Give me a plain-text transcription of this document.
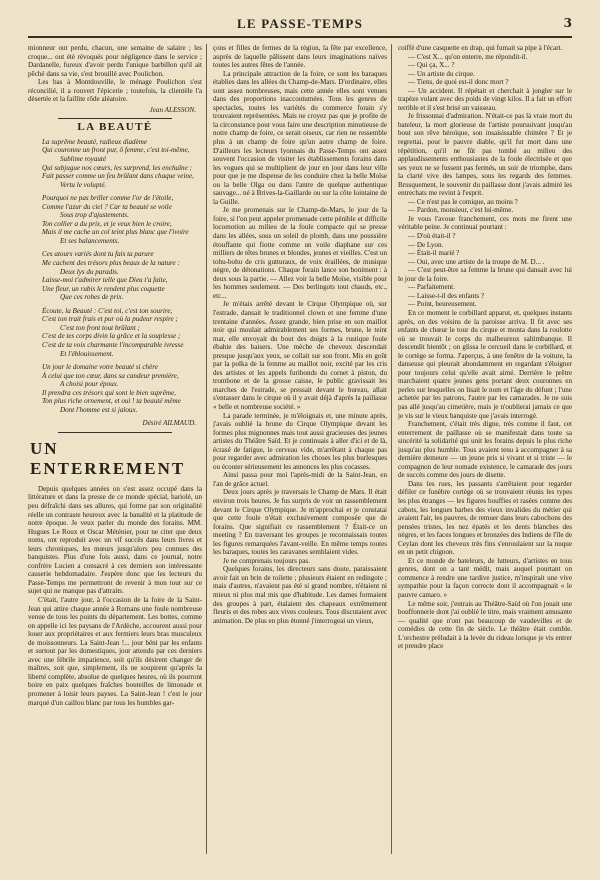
LE PASSE-TEMPS	3

mionneur out perdu, chacun, une semaine de salaire ; les croque... out été révoqués pour négligence dans le service ; Dardanelle, fureux d'avoir perdu l'unique barbillon qu'il ait pêché dans sa vie, s'est brouillé avec Poulichon.

Les bas à Montdouville, le ménage Poulichon s'est réconcilié, il a rouvert l'épicerie ; toutefois, la clientèle l'a désertée et la faillite rôde aléatoire.

Jean ALESSON.
LA BEAUTÉ
La suprême beauté, radieux diadème
Qui couronne un front pur, ô femme, c'est toi-même,
Sublime royauté
Qui subjugue nos cœurs, les surprend, les enchaîne ;
Fait passer comme un feu brûlant dans chaque veine,
Vertu le volupté.
Pourquoi ne pas briller comme l'or de l'étoile,
Comme l'azur du ciel ? Car ta beauté se voile
Sous trop d'ajustements.
Ton collier a du prix, et je veux bien le croire,
Mais il me cache un col teint plus blanc que l'ivoire
Et ses balancements.
Ces atours variés dont tu fais ta parure
Me cachent des trésors plus beaux de la nature :
Deux lys du paradis.
Laisse-moi t'admirer telle que Dieu t'a faite,
Une fleur, un rubis le rendent plus coquette
Que ces robes de prix.
Écoute, la Beauté : C'est toi, c'est ton sourire,
C'est ton trait frais et pur où la pudeur respire ;
C'est ton front tout brûlant ;
C'est de tes corps divin la grâce et la souplesse ;
C'est de ta voix charmante l'incomparable ivresse
Et l'éblouissement.
Un jour le domaine votre beauté si chère
À celui que ton cœur, dans sa candeur première,
A choisi pour époux.
Il prendra ces trésors qui sont le bien suprême,
Ton plus riche ornement, et oui ! ta beauté même
Dont l'homme est si jaloux.
Désiré AILMAUD.
UN ENTERREMENT

Depuis quelques années on s'est assez occupé dans la littérature et dans la presse de ce monde spécial, bariolé, un peu défraîchi dans ses allures, qui forme par son originalité réelle un contraste heureux avec la banalité et la platitude de notre époque. Je veux parler du monde des forains. MM. Hugues Le Roux et Oscar Méténier, pour ne citer que deux noms, ont reproduit avec un vif succès dans leurs livres et leurs chroniques, les mœurs jusqu'alors peu connues des banquistes. Plus d'une fois aussi, dans ce journal, notre confrère Lucien a consacré à ces derniers son intéressante causerie hebdomadaire. J'espère donc que les lecteurs du Passe-Temps me permettront de revenir à mon tour sur ce sujet qui ne manque pas d'attraits.

C'était, l'autre jour, à l'occasion de la foire de la Saint-Jean qui attire chaque année à Romans une foule nombreuse venue de tous les points du département. Les bottes, comme on appelle ici les paysans de l'Ardèche, accourent aussi pour louer aux propriétaires et aux fermiers leurs bras musculeux de moissonneurs. La Saint-Jean !... jour béni par les enfants et surtout par les domestiques, jour attendu par ces derniers avec une fébrile impatience, soit qu'ils désirent changer de maîtres, soit que, simplement, ils ne soupirent qu'après la liberté complète, absolue de quelques heures, où ils pourront boire en paix quelques fraîches bouteilles de limonade et promener à loisir leurs payses. La Saint-Jean ! c'est le jour marqué d'un caillou blanc par tous les humbles gar-

çons et filles de fermes de la région, la fête par excellence, auprès de laquelle pâlissent dans leurs imaginations naïves toutes les autres fêtes de l'année.

La principale attraction de la foire, ce sont les baraques établies dans les allées du Champ-de-Mars. D'ordinaire, elles sont assez nombreuses, mais cette année elles sont venues dans des proportions inaccoutumées. Tous les genres de spectacles, toutes les variétés du commerce forain s'y trouvaient représentées. Mais ne croyez pas que je profite de la circonstance pour vous faire une description minutieuse de notre champ de foire, ce serait oiseux, car rien ne ressemble plus à un champ de foire qu'un autre champ de foire. D'ailleurs les lecteurs lyonnais du Passe-Temps ont assez souvent l'occasion de visiter les établissements forains dans les vogues qui se multiplient de jour en jour dans leur ville pour que je me dispense de les conduire chez la belle Moïse ou la belle Olga ou dans l'antre de quelque authentique sauvage... né à Brives-la-Gaillarde ou sur la côte lointaine de la Guille.

Je me promenais sur le Champ-de-Mars, le jour de la foire, si l'on peut appeler promenade cette pénible et difficile locomotion au milieu de la foule compacte qui se presse dans les allées, sous un soleil de plomb, dans une poussière étouffante qui fiotte comme un voile diaphane sur ces milliers de têtes brunes et blondes, jeunes et vieilles. C'est un tohu-bohu de cris gutturaux, de voix éraillées, de musique nègre, de détonations. Chaque forain lance son boniment : à deux sous la partie. — Allez voir la belle Moïse, visible pour les hommes seulement. — Des berlingots tout chauds, etc., etc...

Je m'étais arrêté devant le Cirque Olympique où, sur l'estrade, dansait le traditionnel clown et une femme d'une trentaine d'années. Assez grande, bien prise en son maillot noir qui moulait admirablement ses formes, brune, le teint mat, elle envoyait du bout des doigts à la rustique foule ébahie des baisers. Une mèche de cheveux descendait presque jusqu'aux yeux, se collait sur son front. Mis en goût par la polka de la femme au maillot noir, excité par les cris des artistes et les appels furibonds du cornet à piston, du trombone et de la grosse caisse, le public gravissait les marches de l'estrade, se pressait devant le bureau, allait s'entasser dans le cirque où il y avait déjà d'après la paillasse « belle et nombreuse société. »

La parade terminée, je m'éloignais et, une minute après, j'avais oublié la brune du Cirque Olympique devant les formes plus mignonnes mais tout aussi gracieuses des jeunes artistes du Théâtre Saïd. Et je continuais à aller d'ici et de là, écrasé de fatigue, le cerveau vide, m'arrêtant à chaque pas pour regarder avec admiration les choses les plus burlesques ou écouter sérieusement les annonces les plus cocasses.

Ainsi passa pour moi l'après-midi de la Saint-Jean, en l'an de grâce actuel.

Deux jours après je traversais le Champ de Mars. Il était environ trois heures. Je fus surpris de voir un rassemblement devant le Cirque Olympique. Je m'approchai et je constatai que cette foule n'était exclusivement composée que de forains. Que signifiait ce rassemblement ? Était-ce un meeting ? En traversant les groupes je reconnaissais toutes les figures remarquées l'avant-veille. En même temps toutes les baraques, toutes les caravanes semblaient vides.

Je ne comprenais toujours pas.

Quelques forains, les directeurs sans doute, paraissaient avoir fait un brin de toilette ; plusieurs étaient en redingote ; mais d'autres, n'avaient pas été si grand nombre, n'étaient ni mieux ni plus mal mis que d'habitude. Les dames formaient des groupes à part, étalaient des chapeaux extrêmement fleuris et des robes aux vives couleurs. Tous discutaient avec animation. De plus en plus étonné j'interrogeai un vieux,

coiffé d'une casquette en drap, qui fumait sa pipe à l'écart.

— C'est X... qu'on enterre, me répondit-il.

— Qui ça, X... ?

— Un artiste du cirque.

— Tiens, de quoi est-il donc mort ?

— Un accident. Il répétait et cherchait à jongler sur le trapèze volant avec des poids de vingt kilos. Il a fait un effort terrible et il s'est brisé un vaisseau.

Je frissonnai d'admiration. N'était-ce pas là vraie mort du bateleur, la mort glorieuse de l'artiste poursuivant jusqu'au bout son rêve héroïque, son insaisissable chimère ? Et je regrettai, pour le pauvre diable, qu'il fut mort dans une répétition, qu'il ne fût pas tombé au milieu des applaudissements enthousiastes de la foule électrisée et que ses yeux ne se fussent pas fermés, un soir de triomphe, dans la clarté vive des lampes, sous les regards des femmes. Brusquement, le souvenir du paillasse dont j'avais admiré les entrechats me revint à l'esprit.

— Ce n'est pas le comique, au moins ?

— Pardon, monsieur, c'est lui-même.

Je vous l'avoue franchement, ces mots me firent une véritable peine. Je continuai pourtant :

— D'où était-il ?

— De Lyon.

— Était-il marié ?

— Oui, avec une artiste de la troupe de M. D... .

— C'est peut-être sa femme la brune qui dansait avec lui le jour de la foire.

— Parfaitement.

— Laisse-t-il des enfants ?

— Point, heureusement.

En ce moment le corbillard apparut, et, quelques instants après, on des voisins de la paroisse arriva. Il fit avec ses enfants de chœur le tour du cirque et monta dans la roulotte où se trouvait le corps du malheureux saltimbanque. Il descendit bientôt ; on glissa le cercueil dans le corbillard, et le cortège se forma. J'aperçus, à une fenêtre de la voiture, la danseuse qui pleurait abondamment en regardant s'éloigner pour toujours celui qu'elle avait aimé. Derrière le prêtre marchaient quatre jeunes gens portant deux couronnes en perles sur lesquelles on lisait le nom et l'âge du défunt ; l'une achetée par les patrons, l'autre par les camarades. Je ne suis pas allé jusqu'au cimetière, mais je n'oublierai jamais ce que je vis sur le vieux banquiste que j'avais interrogé.

Franchement, c'était très digne, très comme il faut, cet enterrement de paillasse où se manifestait dans toute sa sincérité la solidarité qui unit les forains depuis le plus riche jusqu'au plus humble. Tous avaient tenu à accompagner à sa dernière demeure — un jeune pris si vivant et si triste — le compagnon de leur nomade existence, le camarade des jours de succès comme des jours de disette.

Dans les rues, les passants s'arrêtaient pour regarder défiler ce funèbre cortège où se trouvaient réunis les types les plus étranges — les figures bouffies et rasées comme des cabots, les longues barbes des vieux invalides du métier qui avaient l'air, les pauvres, de remuer dans leurs cabochons des pensées tristes, les nez épatés et les dents blanches des nègres, et les faces longues et bronzées des Indiens de l'île de Ceylan dont les cheveux très fins s'enroulaient sur la nuque en un petit chignon.

Et ce monde de bateleurs, de lutteurs, d'artistes en tous genres, dont on a tant médit, mais auquel pourtant on commence à rendre une tardive justice, m'inspirait une vive sympathie pour la façon correcte dont il accompagnait « le pauvre camaro. »

Le même soir, j'entrais au Théâtre-Saïd où l'on jouait une bouffonnerie dont j'ai oublié le titre, mais vraiment amusante — qualité que n'ont pas beaucoup de vaudevilles et de comédies de cette fin de siècle. Le théâtre était comble. L'orchestre préludait à la levée du rideau lorsque je vis entrer et prendre place
